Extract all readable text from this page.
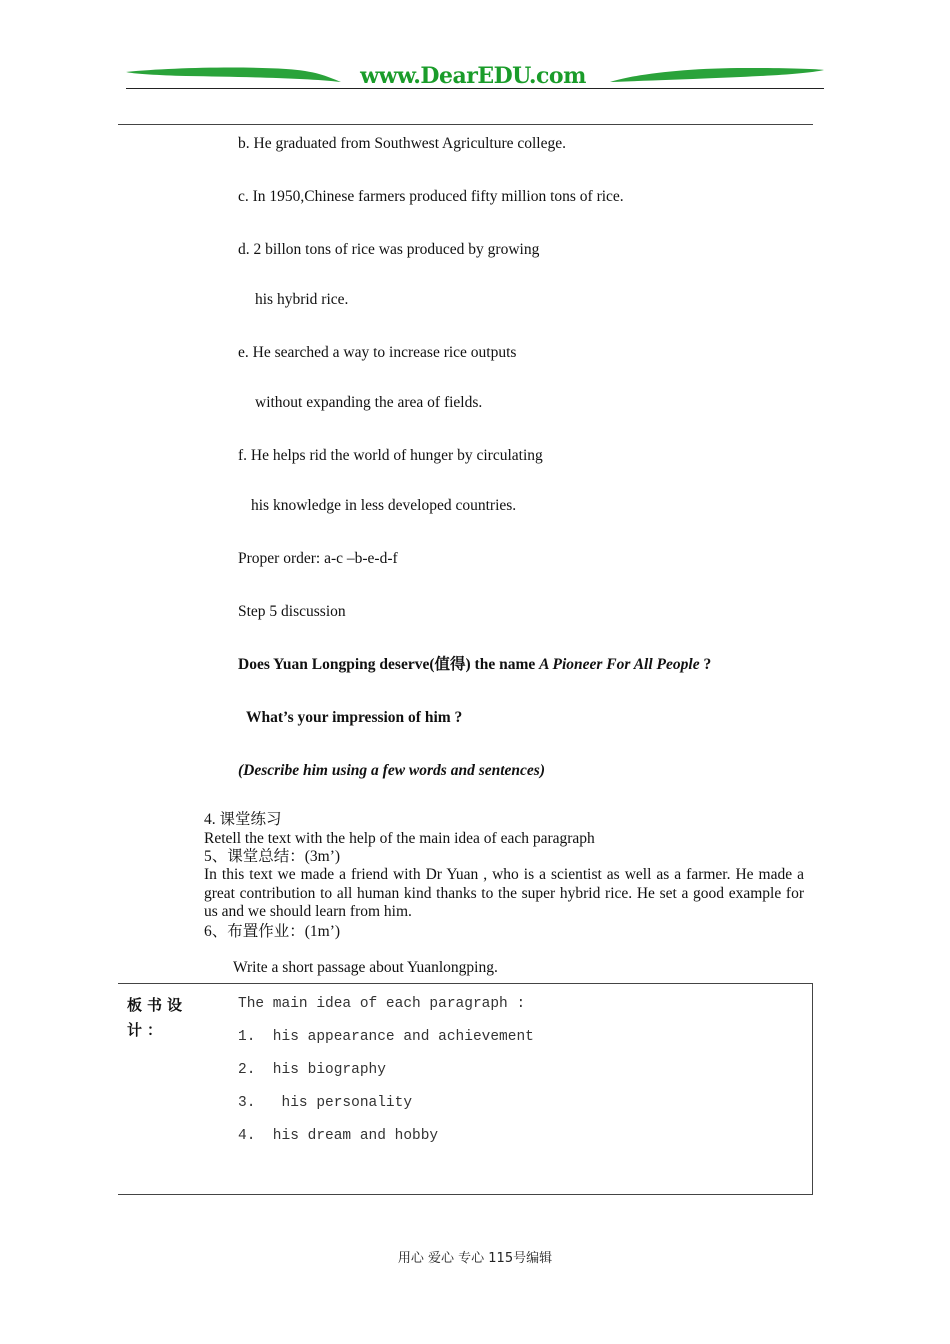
www.DearEDU.com
b. He graduated from Southwest Agriculture college.
c. In 1950,Chinese farmers produced fifty million tons of rice.
d. 2 billon tons of rice was produced by growing
his hybrid rice.
e. He searched a way to increase rice outputs
without expanding the area of fields.
f. He helps rid the world of hunger by circulating
his knowledge in less developed countries.
Proper order: a-c –b-e-d-f
Step 5 discussion
Does Yuan Longping deserve(值得) the name A Pioneer For All People ?
What’s your impression of him ?
(Describe him using a few words and sentences)
4. 课堂练习
Retell the text with the help of the main idea of each paragraph
5、课堂总结：(3m’)
In this text we made a friend with Dr Yuan , who is a scientist as well as a farmer. He made a great contribution to all human kind thanks to the super hybrid rice. He set a good example for us and we should learn from him.
6、布置作业：(1m’)
Write a short passage about Yuanlongping.
板书设计：
The main idea of each paragraph :
1.  his appearance and achievement
2.  his biography
3.   his personality
4.  his dream and hobby
用心 爱心 专心 115号编辑
